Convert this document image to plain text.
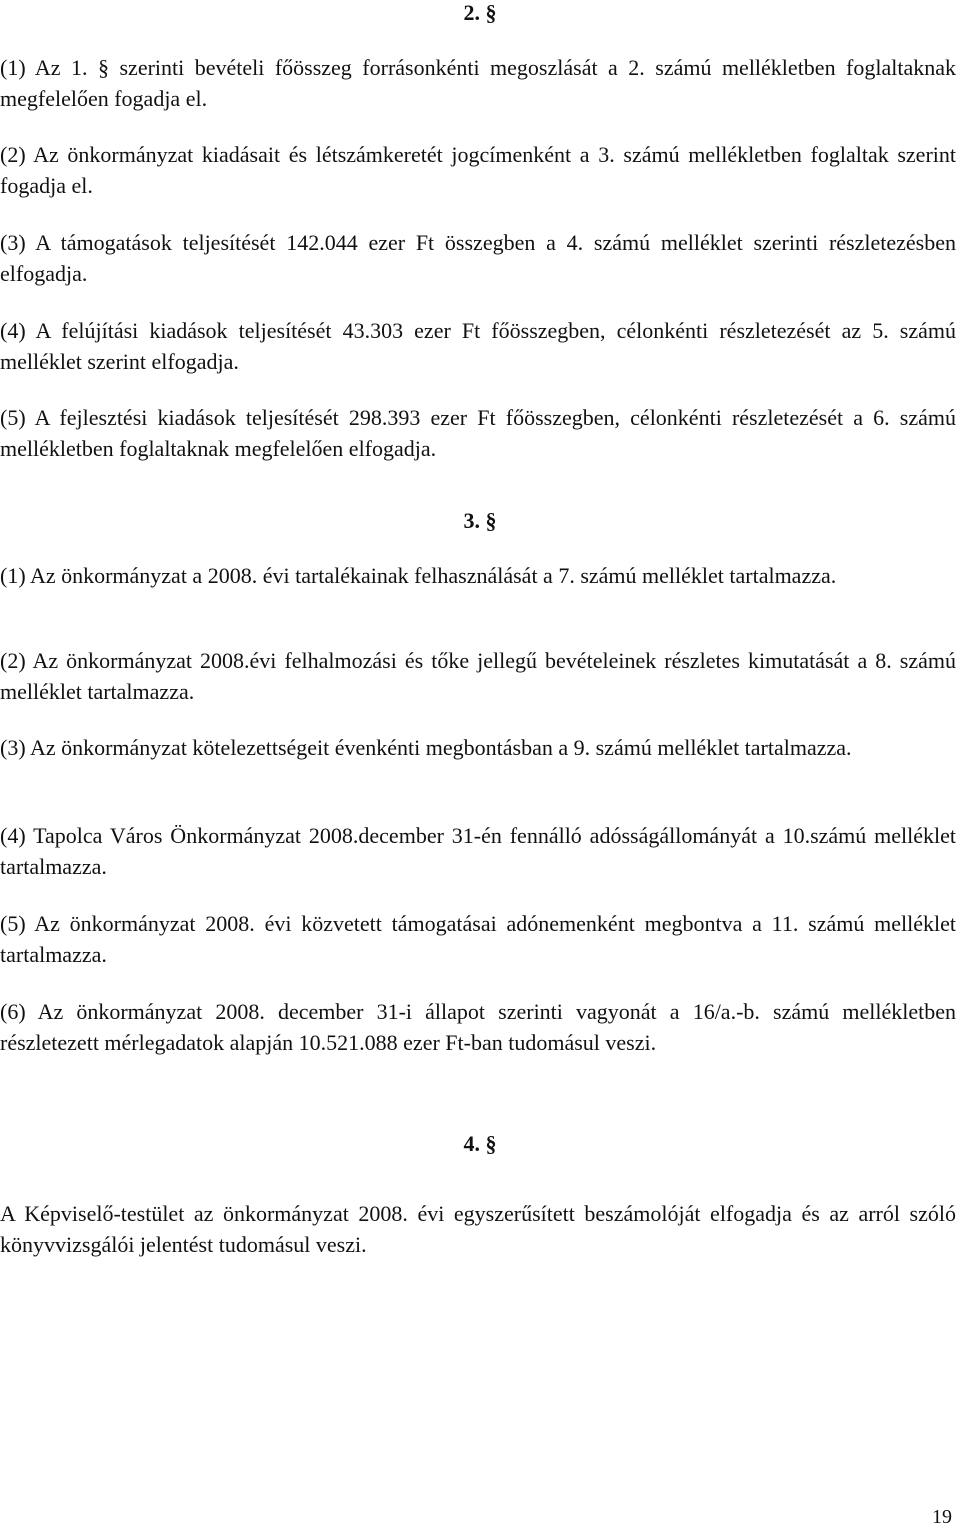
2. §
(1) Az 1. § szerinti bevételi főösszeg forrásonkénti megoszlását a 2. számú mellékletben foglaltaknak megfelelően fogadja el.
(2) Az önkormányzat kiadásait és létszámkeretét jogcímenként a 3. számú mellékletben foglaltak szerint fogadja el.
(3) A támogatások teljesítését 142.044 ezer Ft összegben a 4. számú melléklet szerinti részletezésben elfogadja.
(4) A felújítási kiadások teljesítését 43.303 ezer Ft főösszegben, célonkénti részletezését az 5. számú melléklet szerint elfogadja.
(5) A fejlesztési kiadások teljesítését 298.393 ezer Ft főösszegben, célonkénti részletezését a 6. számú mellékletben foglaltaknak megfelelően elfogadja.
3. §
(1) Az önkormányzat a 2008. évi tartalékainak felhasználását a 7. számú melléklet tartalmazza.
(2) Az önkormányzat 2008.évi felhalmozási és tőke jellegű bevételeinek részletes kimutatását a 8. számú melléklet tartalmazza.
(3) Az önkormányzat kötelezettségeit évenkénti megbontásban a 9. számú melléklet tartalmazza.
(4) Tapolca Város Önkormányzat 2008.december 31-én fennálló adósságállományát a 10.számú melléklet tartalmazza.
(5) Az önkormányzat 2008. évi közvetett támogatásai adónemenként megbontva a 11. számú melléklet tartalmazza.
(6) Az önkormányzat 2008. december 31-i állapot szerinti vagyonát a 16/a.-b. számú mellékletben részletezett mérlegadatok alapján 10.521.088 ezer Ft-ban tudomásul veszi.
4. §
A Képviselő-testület az önkormányzat 2008. évi egyszerűsített beszámolóját elfogadja és az arról szóló könyvvizsgálói jelentést tudomásul veszi.
19
